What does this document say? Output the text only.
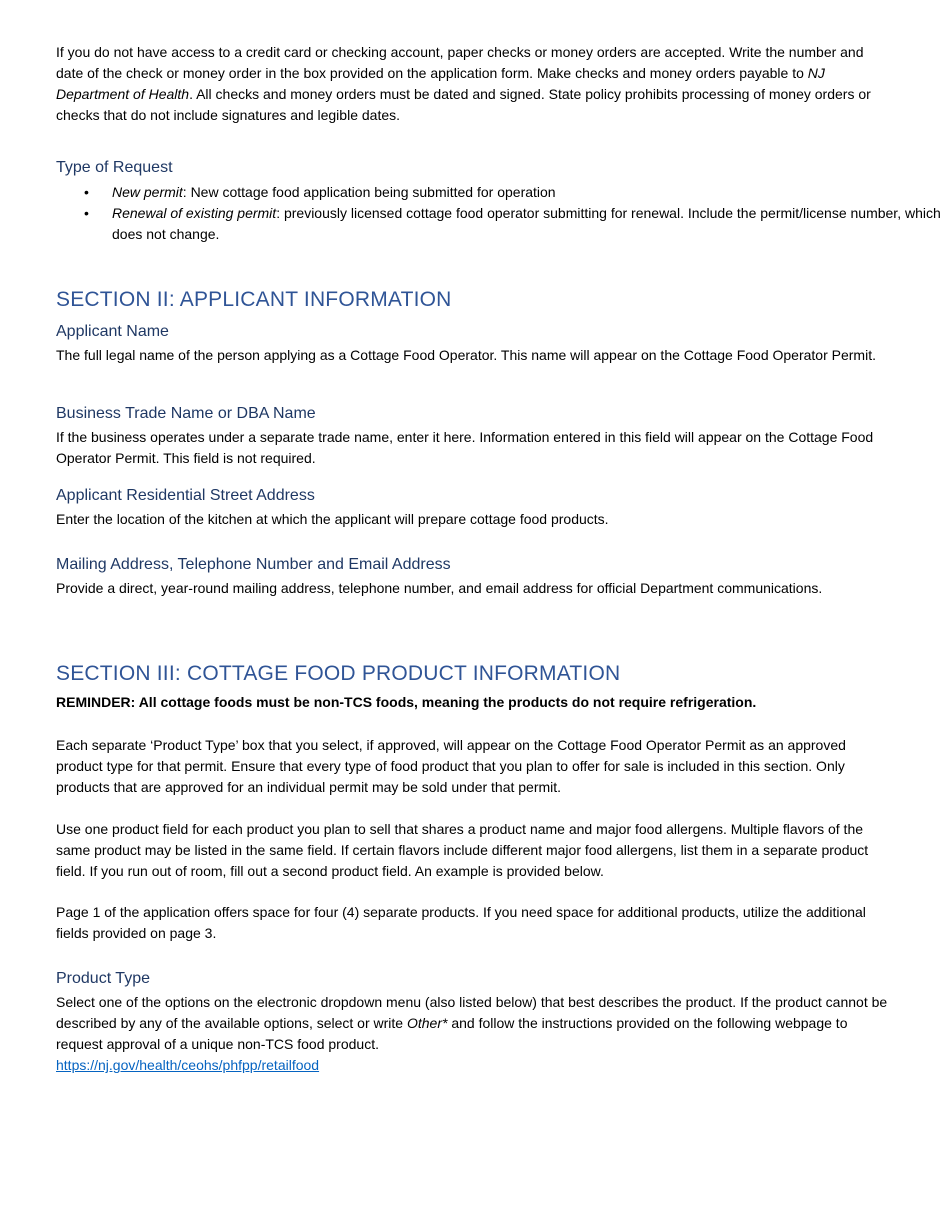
If you do not have access to a credit card or checking account, paper checks or money orders are accepted. Write the number and date of the check or money order in the box provided on the application form. Make checks and money orders payable to NJ Department of Health. All checks and money orders must be dated and signed. State policy prohibits processing of money orders or checks that do not include signatures and legible dates.

Type of Request
• New permit: New cottage food application being submitted for operation
• Renewal of existing permit: previously licensed cottage food operator submitting for renewal. Include the permit/license number, which does not change.
SECTION II: APPLICANT INFORMATION
Applicant Name

The full legal name of the person applying as a Cottage Food Operator. This name will appear on the Cottage Food Operator Permit.

Business Trade Name or DBA Name

If the business operates under a separate trade name, enter it here. Information entered in this field will appear on the Cottage Food Operator Permit. This field is not required.

Applicant Residential Street Address

Enter the location of the kitchen at which the applicant will prepare cottage food products.

Mailing Address, Telephone Number and Email Address

Provide a direct, year-round mailing address, telephone number, and email address for official Department communications.

SECTION III: COTTAGE FOOD PRODUCT INFORMATION

REMINDER: All cottage foods must be non-TCS foods, meaning the products do not require refrigeration.

Each separate ‘Product Type’ box that you select, if approved, will appear on the Cottage Food Operator Permit as an approved product type for that permit. Ensure that every type of food product that you plan to offer for sale is included in this section. Only products that are approved for an individual permit may be sold under that permit.

Use one product field for each product you plan to sell that shares a product name and major food allergens. Multiple flavors of the same product may be listed in the same field. If certain flavors include different major food allergens, list them in a separate product field. If you run out of room, fill out a second product field. An example is provided below.

Page 1 of the application offers space for four (4) separate products. If you need space for additional products, utilize the additional fields provided on page 3.

Product Type

Select one of the options on the electronic dropdown menu (also listed below) that best describes the product. If the product cannot be described by any of the available options, select or write Other* and follow the instructions provided on the following webpage to request approval of a unique non-TCS food product.
https://nj.gov/health/ceohs/phfpp/retailfood
